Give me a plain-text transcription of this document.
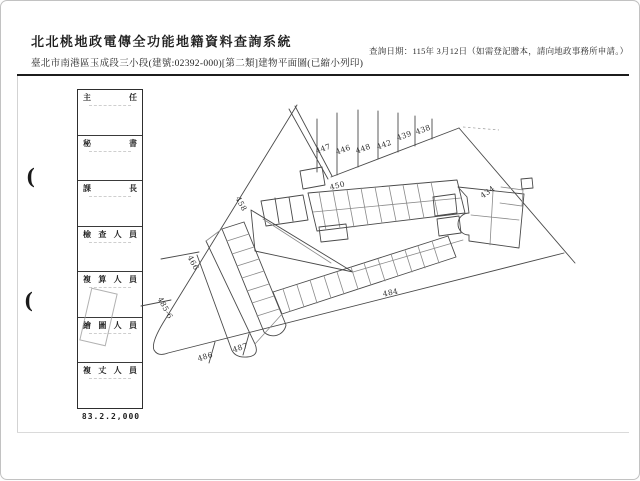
北北桃地政電傳全功能地籍資料查詢系統
臺北市南港區玉成段三小段(建號:02392-000)[第二類]建物平面圖(已縮小列印)
查詢日期：115年 3月12日（如需登記謄本，請向地政事務所申請。）
主	任
秘	書
課	長
檢 查 人 員
複 算 人 員
繪 圖 人 員
複 丈 人 員
83.2.2,000
447 446 448 442
439 438
434
450
458
466
485-6
486
487
484
(
(
